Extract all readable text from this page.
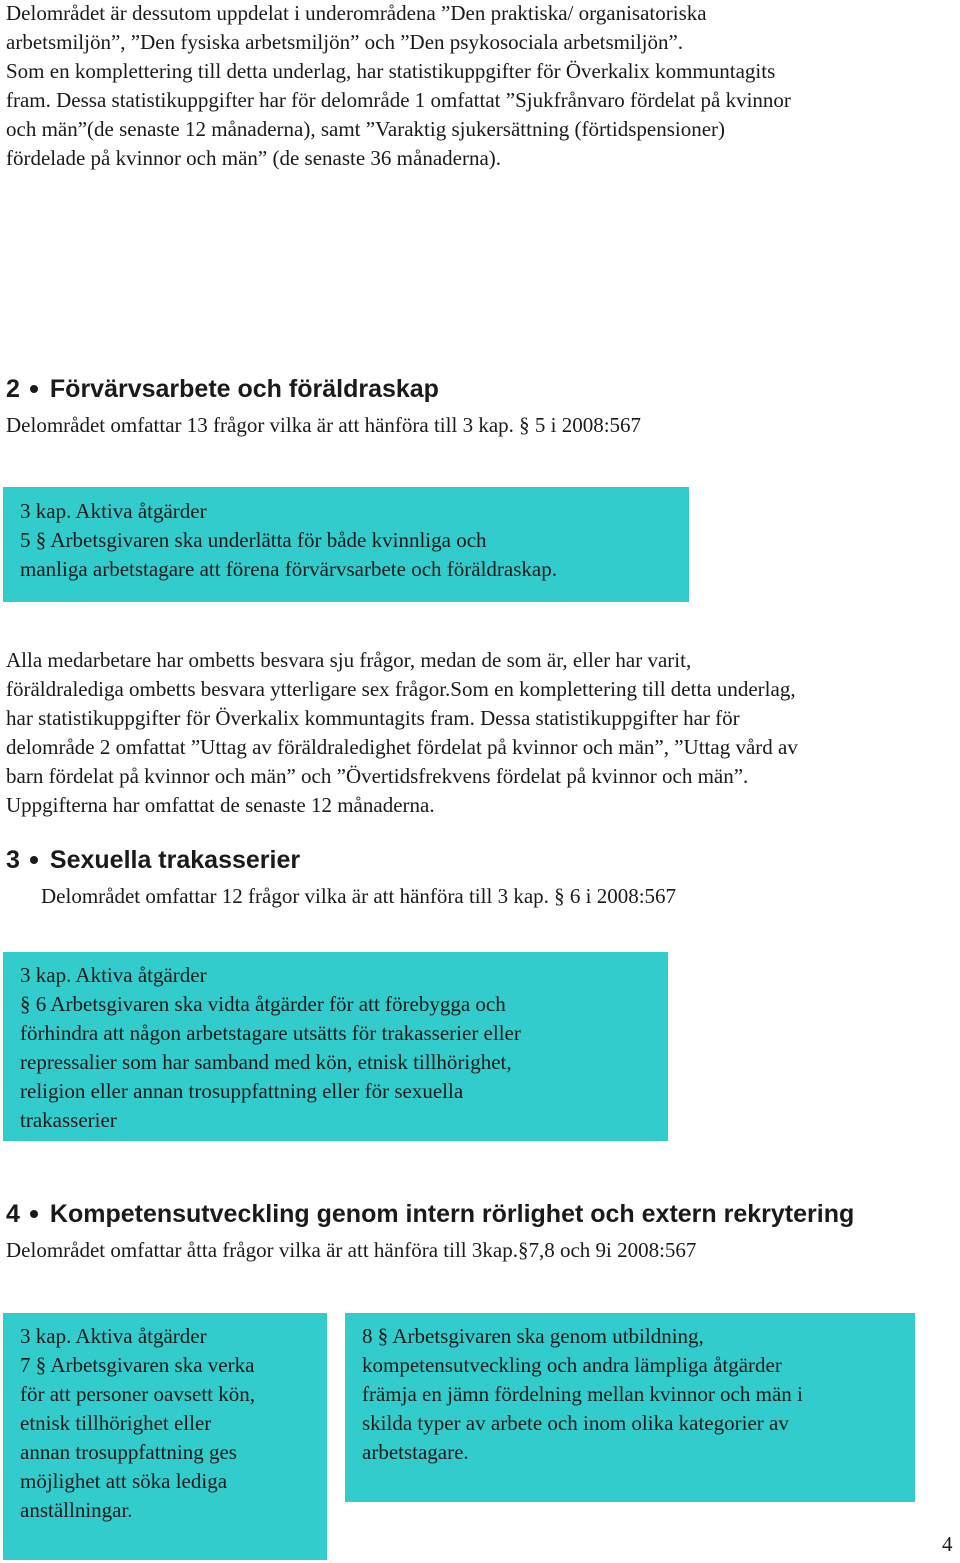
Delområdet är dessutom uppdelat i underområdena ”Den praktiska/ organisatoriska
arbetsmiljön”, ”Den fysiska arbetsmiljön” och ”Den psykosociala arbetsmiljön”.
Som en komplettering till detta underlag, har statistikuppgifter för Överkalix kommuntagits
fram. Dessa statistikuppgifter har för delområde 1 omfattat ”Sjukfrånvaro fördelat på kvinnor
och män”(de senaste 12 månaderna), samt ”Varaktig sjukersättning (förtidspensioner)
fördelade på kvinnor och män” (de senaste 36 månaderna).
2 Förvärvsarbete och föräldraskap
Delområdet omfattar 13 frågor vilka är att hänföra till 3 kap. § 5 i 2008:567
3 kap. Aktiva åtgärder
5 § Arbetsgivaren ska underlätta för både kvinnliga och
manliga arbetstagare att förena förvärvsarbete och föräldraskap.
Alla medarbetare har ombetts besvara sju frågor, medan de som är, eller har varit,
föräldralediga ombetts besvara ytterligare sex frågor.Som en komplettering till detta underlag,
har statistikuppgifter för Överkalix kommuntagits fram. Dessa statistikuppgifter har för
delområde 2 omfattat ”Uttag av föräldraledighet fördelat på kvinnor och män”, ”Uttag vård av
barn fördelat på kvinnor och män” och ”Övertidsfrekvens fördelat på kvinnor och män”.
Uppgifterna har omfattat de senaste 12 månaderna.
3 Sexuella trakasserier
Delområdet omfattar 12 frågor vilka är att hänföra till 3 kap. § 6 i 2008:567
3 kap. Aktiva åtgärder
§ 6 Arbetsgivaren ska vidta åtgärder för att förebygga och
förhindra att någon arbetstagare utsätts för trakasserier eller
repressalier som har samband med kön, etnisk tillhörighet,
religion eller annan trosuppfattning eller för sexuella
trakasserier
4 Kompetensutveckling genom intern rörlighet och extern rekrytering
Delområdet omfattar åtta frågor vilka är att hänföra till 3kap.§7,8 och 9i 2008:567
3 kap. Aktiva åtgärder
7 § Arbetsgivaren ska verka
för att personer oavsett kön,
etnisk tillhörighet eller
annan trosuppfattning ges
möjlighet att söka lediga
anställningar.
8 § Arbetsgivaren ska genom utbildning,
kompetensutveckling och andra lämpliga åtgärder
främja en jämn fördelning mellan kvinnor och män i
skilda typer av arbete och inom olika kategorier av
arbetstagare.
4
